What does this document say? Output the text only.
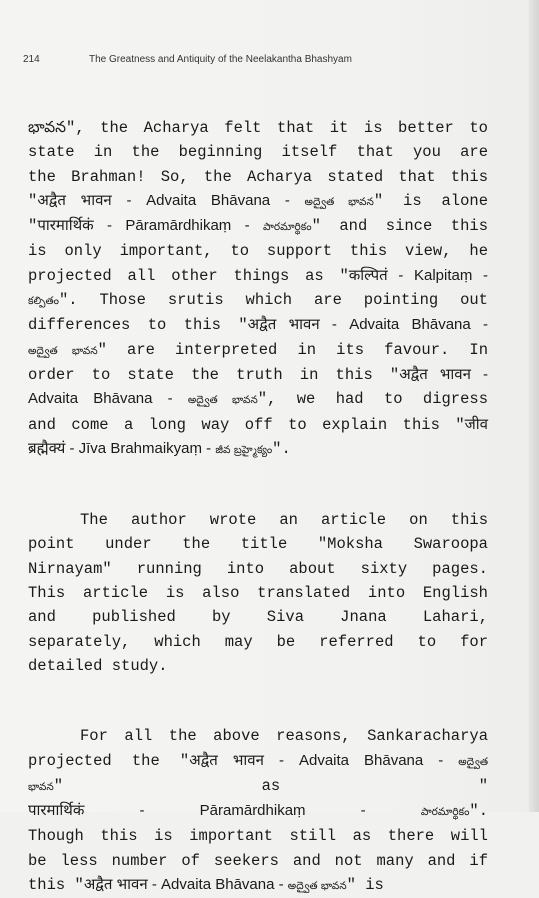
214	The Greatness and Antiquity of the Neelakantha Bhashyam

భావన", the Acharya felt that it is better to
state in the beginning itself that you are
the Brahman! So, the Acharya stated that this
"अद्वैत भावन - Advaita Bhāvana - అద్వైత భావన" is alone
"पारमार्थिकं - Pāramārdhikaṃ - పారమార్థికం" and since this
is only important, to support this view, he
projected all other things as "कल्पितं - Kalpitaṃ -
కల్పితం". Those srutis which are pointing out
differences to this "अद्वैत भावन - Advaita Bhāvana -
అద్వైత భావన" are interpreted in its favour. In
order to state the truth in this "अद्वैत भावन -
Advaita Bhāvana - అద్వైత భావన", we had to digress
and come a long way off to explain this "जीव
ब्रह्मैक्यं - Jīva Brahmaikyaṃ - జీవ బ్రహ్మైక్యం".

The author wrote an article on this
point under the title "Moksha Swaroopa
Nirnayam" running into about sixty pages.
This article is also translated into English
and published by Siva Jnana Lahari,
separately, which may be referred to for
detailed study.

For all the above reasons, Sankaracharya
projected the "अद्वैत भावन - Advaita Bhāvana - అద్వైత
భావన" as "
पारमार्थिकं - Pāramārdhikaṃ - పారమార్థికం".
Though this is important still as there will
be less number of seekers and not many and if
this "अद्वैत भावन - Advaita Bhāvana - అద్వైత భావన" is
